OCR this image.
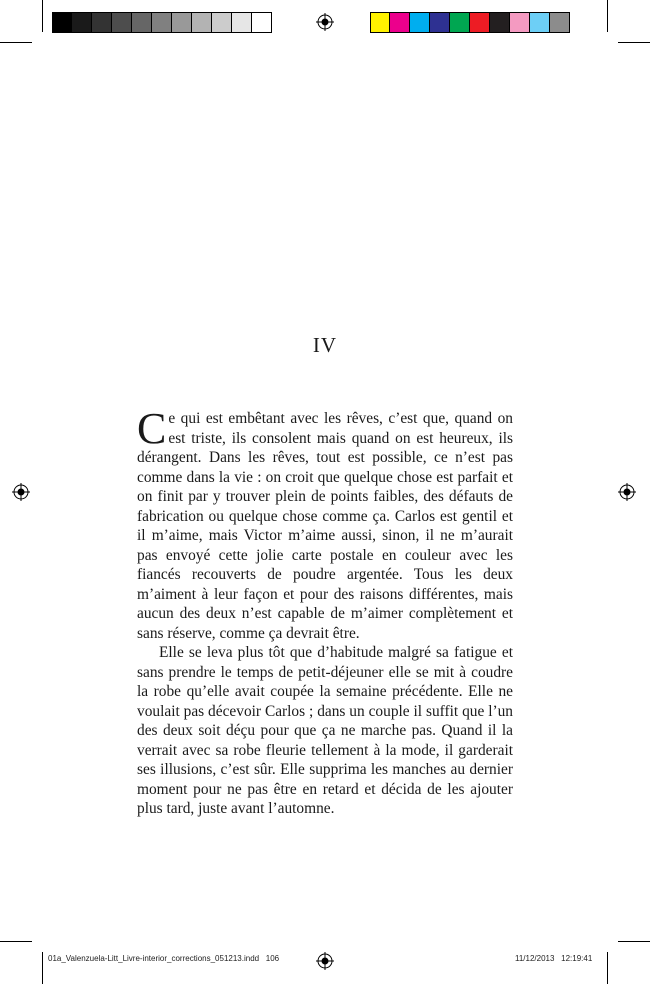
IV

Ce qui est embêtant avec les rêves, c’est que, quand on est triste, ils consolent mais quand on est heureux, ils dérangent. Dans les rêves, tout est possible, ce n’est pas comme dans la vie : on croit que quelque chose est parfait et on finit par y trouver plein de points faibles, des défauts de fabrication ou quelque chose comme ça. Carlos est gentil et il m’aime, mais Victor m’aime aussi, sinon, il ne m’aurait pas envoyé cette jolie carte postale en couleur avec les fiancés recouverts de poudre argentée. Tous les deux m’aiment à leur façon et pour des raisons différentes, mais aucun des deux n’est capable de m’aimer complètement et sans réserve, comme ça devrait être.

Elle se leva plus tôt que d’habitude malgré sa fatigue et sans prendre le temps de petit-déjeuner elle se mit à coudre la robe qu’elle avait coupée la semaine précédente. Elle ne voulait pas décevoir Carlos ; dans un couple il suffit que l’un des deux soit déçu pour que ça ne marche pas. Quand il la verrait avec sa robe fleurie tellement à la mode, il garderait ses illusions, c’est sûr. Elle supprima les manches au dernier moment pour ne pas être en retard et décida de les ajouter plus tard, juste avant l’automne.

01a_Valenzuela-Litt_Livre-interior_corrections_051213.indd 106	11/12/2013 12:19:41
